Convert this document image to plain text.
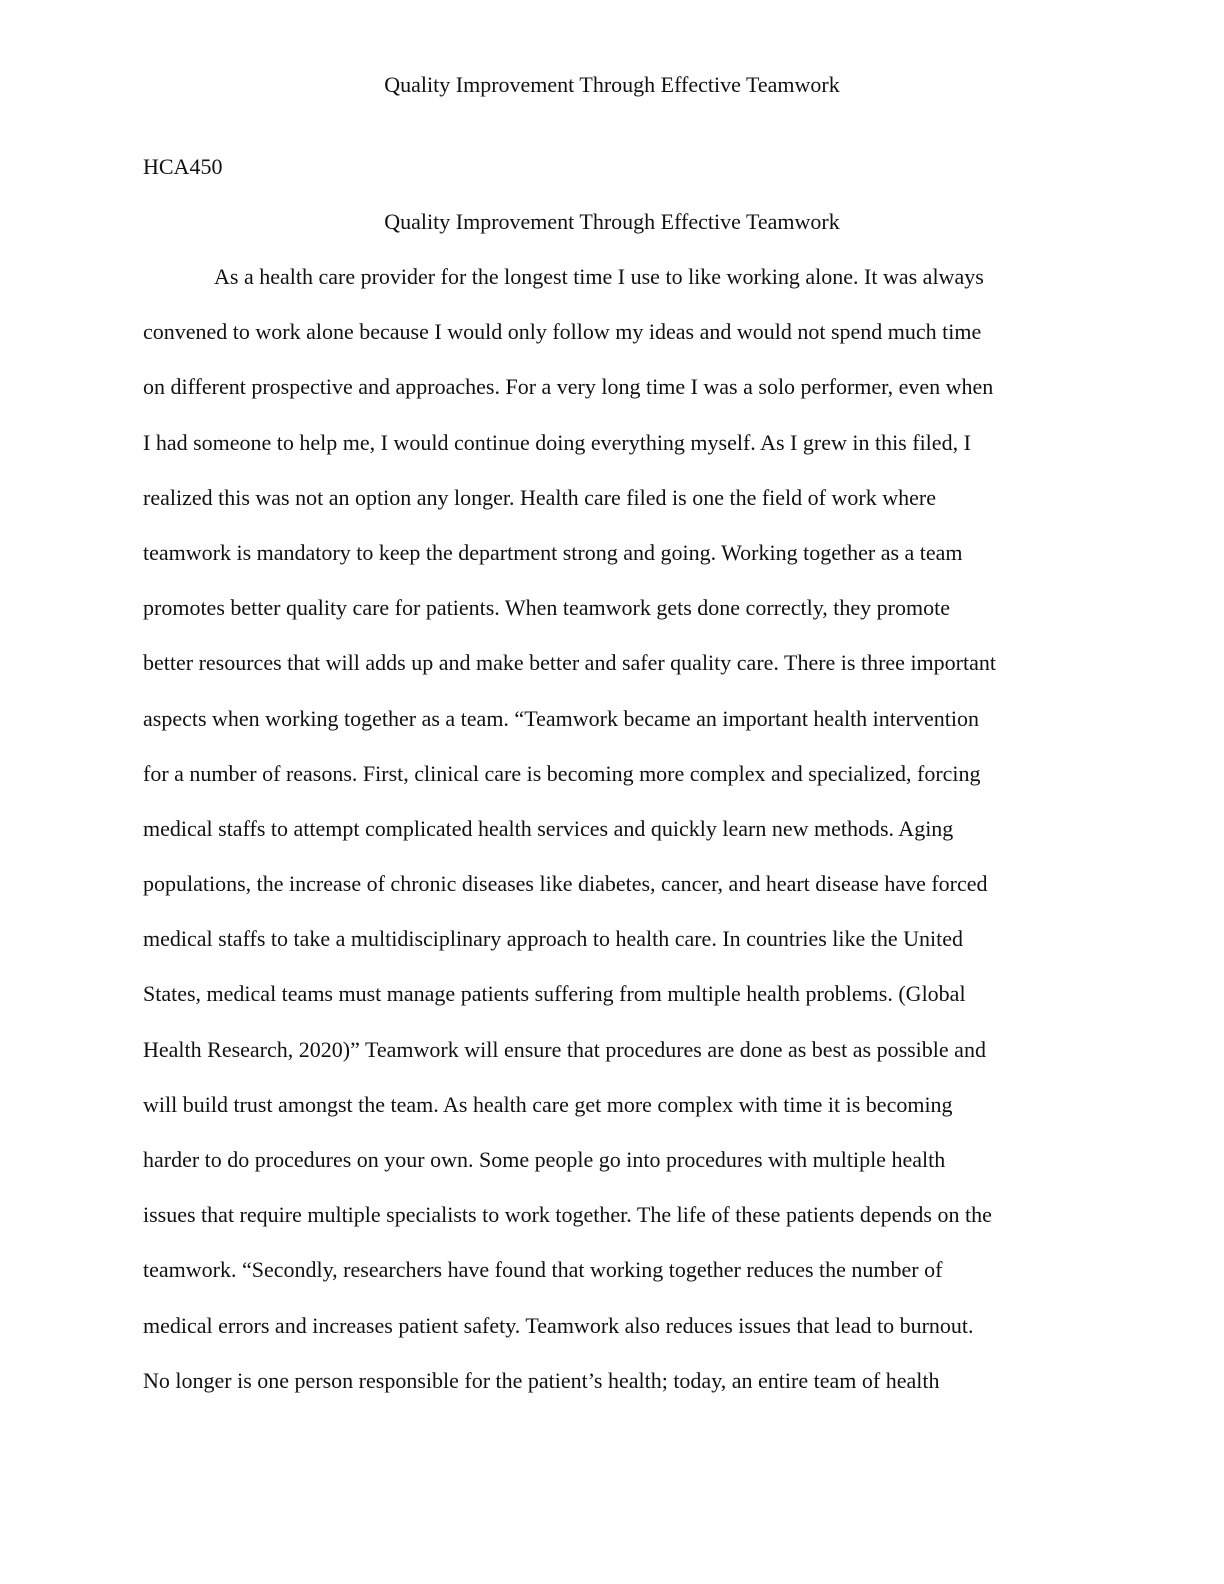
Quality Improvement Through Effective Teamwork

HCA450

Quality Improvement Through Effective Teamwork

As a health care provider for the longest time I use to like working alone. It was always
convened to work alone because I would only follow my ideas and would not spend much time
on different prospective and approaches. For a very long time I was a solo performer, even when
I had someone to help me, I would continue doing everything myself. As I grew in this filed, I
realized this was not an option any longer. Health care filed is one the field of work where
teamwork is mandatory to keep the department strong and going. Working together as a team
promotes better quality care for patients. When teamwork gets done correctly, they promote
better resources that will adds up and make better and safer quality care. There is three important
aspects when working together as a team. “Teamwork became an important health intervention
for a number of reasons. First, clinical care is becoming more complex and specialized, forcing
medical staffs to attempt complicated health services and quickly learn new methods. Aging
populations, the increase of chronic diseases like diabetes, cancer, and heart disease have forced
medical staffs to take a multidisciplinary approach to health care. In countries like the United
States, medical teams must manage patients suffering from multiple health problems. (Global
Health Research, 2020)” Teamwork will ensure that procedures are done as best as possible and
will build trust amongst the team. As health care get more complex with time it is becoming
harder to do procedures on your own. Some people go into procedures with multiple health
issues that require multiple specialists to work together. The life of these patients depends on the
teamwork. “Secondly, researchers have found that working together reduces the number of
medical errors and increases patient safety. Teamwork also reduces issues that lead to burnout.
No longer is one person responsible for the patient’s health; today, an entire team of health
